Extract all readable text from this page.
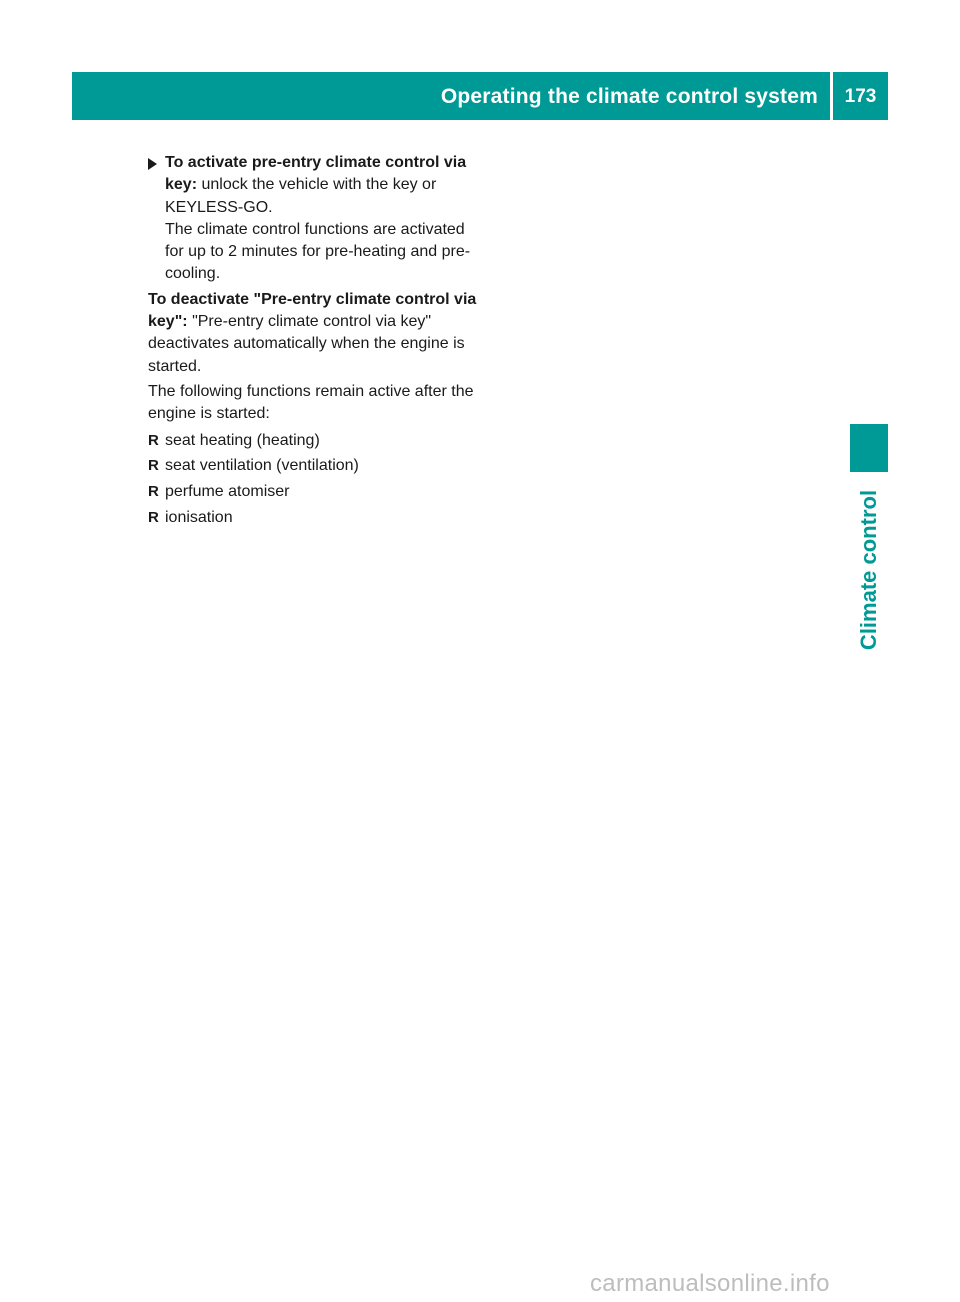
Operating the climate control system	173
Climate control
To activate pre-entry climate control via key: unlock the vehicle with the key or KEYLESS-GO.
The climate control functions are activated for up to 2 minutes for pre-heating and pre-cooling.
To deactivate "Pre-entry climate control via key": "Pre-entry climate control via key" deactivates automatically when the engine is started.
The following functions remain active after the engine is started:
R seat heating (heating)
R seat ventilation (ventilation)
R perfume atomiser
R ionisation
carmanualsonline.info
